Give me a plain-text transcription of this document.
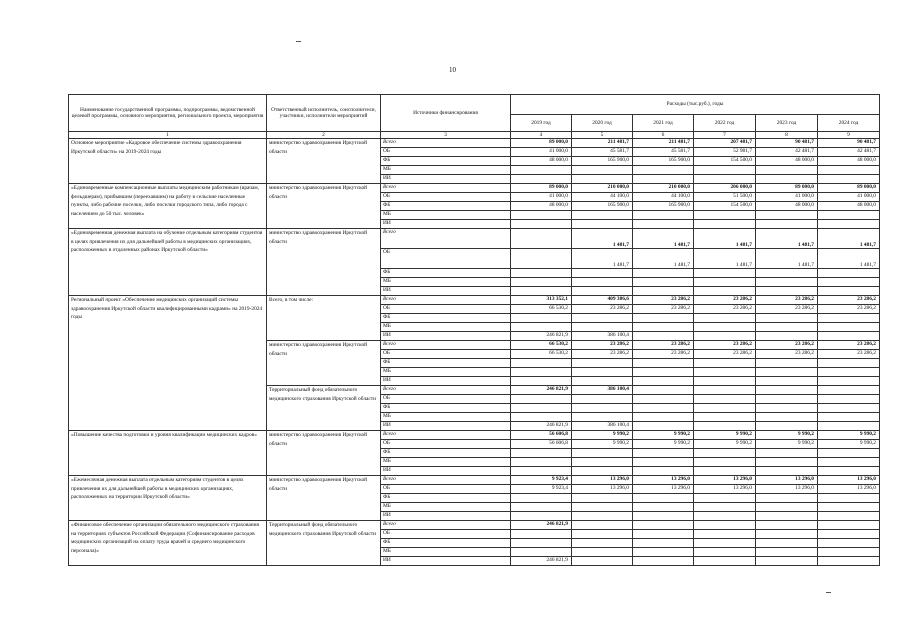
10
Наименование государственной программы, подпрограммы, ведомственной целевой программы, основного мероприятия, регионального проекта, мероприятия	Ответственный исполнитель, соисполнители, участники, исполнители мероприятий	Источники финансирования	Расходы (тыс.руб.), годы					
			2019 год	2020 год	2021 год	2022 год	2023 год	2024 год
1	2	3	4	5	6	7	8	9
Основное мероприятие «Кадровое обеспечение системы здравоохранения Иркутской области» на 2019-2024 годы	министерство здравоохранения Иркутской области	Всего	89 000,0	211 481,7	211 481,7	207 481,7	90 481,7	90 481,7
		ОБ	41 000,0	45 581,7	45 581,7	52 981,7	42 481,7	42 481,7
		ФБ	48 000,0	165 900,0	165 900,0	154 500,0	48 000,0	48 000,0
		МБ						
		ИИ						
«Единовременные компенсационные выплаты медицинским работникам (врачам, фельдшерам), прибывшим (переехавшим) на работу в сельские населенные пункты, либо рабочие поселки, либо поселки городского типа, либо города с населением до 50 тыс. человек»	министерство здравоохранения Иркутской области	Всего	89 000,0	210 000,0	210 000,0	206 000,0	89 000,0	89 000,0
		ОБ	41 000,0	44 100,0	44 100,0	51 500,0	41 000,0	41 000,0
		ФБ	48 000,0	165 900,0	165 900,0	154 500,0	48 000,0	48 000,0
		МБ						
		ИИ						
«Единовременная денежная выплата на обучение отдельным категориям студентов в целях привлечения их для дальнейшей работы в медицинских организациях, расположенных в отдаленных районах Иркутской области»	министерство здравоохранения Иркутской области	Всего		1 481,7	1 481,7	1 481,7	1 481,7	1 481,7
		ОБ		1 481,7	1 481,7	1 481,7	1 481,7	1 481,7
		ФБ						
		МБ						
		ИИ						
Региональный проект «Обеспечение медицинских организаций системы здравоохранения Иркутской области квалифицированными кадрами» на 2019-2024 годы	Всего, в том числе:	Всего	313 352,1	409 386,6	23 286,2	23 286,2	23 286,2	23 286,2
		ОБ	66 530,2	23 286,2	23 286,2	23 286,2	23 286,2	23 286,2
		ФБ						
		МБ						
		ИИ	246 821,9	386 100,4				
	министерство здравоохранения Иркутской области	Всего	66 530,2	23 286,2	23 286,2	23 286,2	23 286,2	23 286,2
		ОБ	66 530,2	23 286,2	23 286,2	23 286,2	23 286,2	23 286,2
		ФБ						
		МБ						
		ИИ						
	Территориальный фонд обязательного медицинского страхования Иркутской области	Всего	246 821,9	386 100,4				
		ОБ						
		ФБ						
		МБ						
		ИИ	246 821,9	386 100,4				
«Повышение качества подготовки и уровня квалификации медицинских кадров»	министерство здравоохранения Иркутской области	Всего	56 606,8	9 990,2	9 990,2	9 990,2	9 990,2	9 990,2
		ОБ	56 606,8	9 990,2	9 990,2	9 990,2	9 990,2	9 990,2
		ФБ						
		МБ						
		ИИ						
«Ежемесячная денежная выплата отдельным категориям студентов в целях привлечения их для дальнейшей работы в медицинских организациях, расположенных на территории Иркутской области»	министерство здравоохранения Иркутской области	Всего	9 923,4	13 296,0	13 296,0	13 296,0	13 296,0	13 296,0
		ОБ	9 923,4	13 296,0	13 296,0	13 296,0	13 296,0	13 296,0
		ФБ						
		МБ						
		ИИ						
«Финансовое обеспечение организации обязательного медицинского страхования на территориях субъектов Российской Федерации (Софинансирование расходов медицинских организаций на оплату труда врачей и среднего медицинского персонала)»	Территориальный фонд обязательного медицинского страхования Иркутской области	Всего	246 821,9					
		ОБ						
		ФБ						
		МБ						
		ИИ	246 821,9					
